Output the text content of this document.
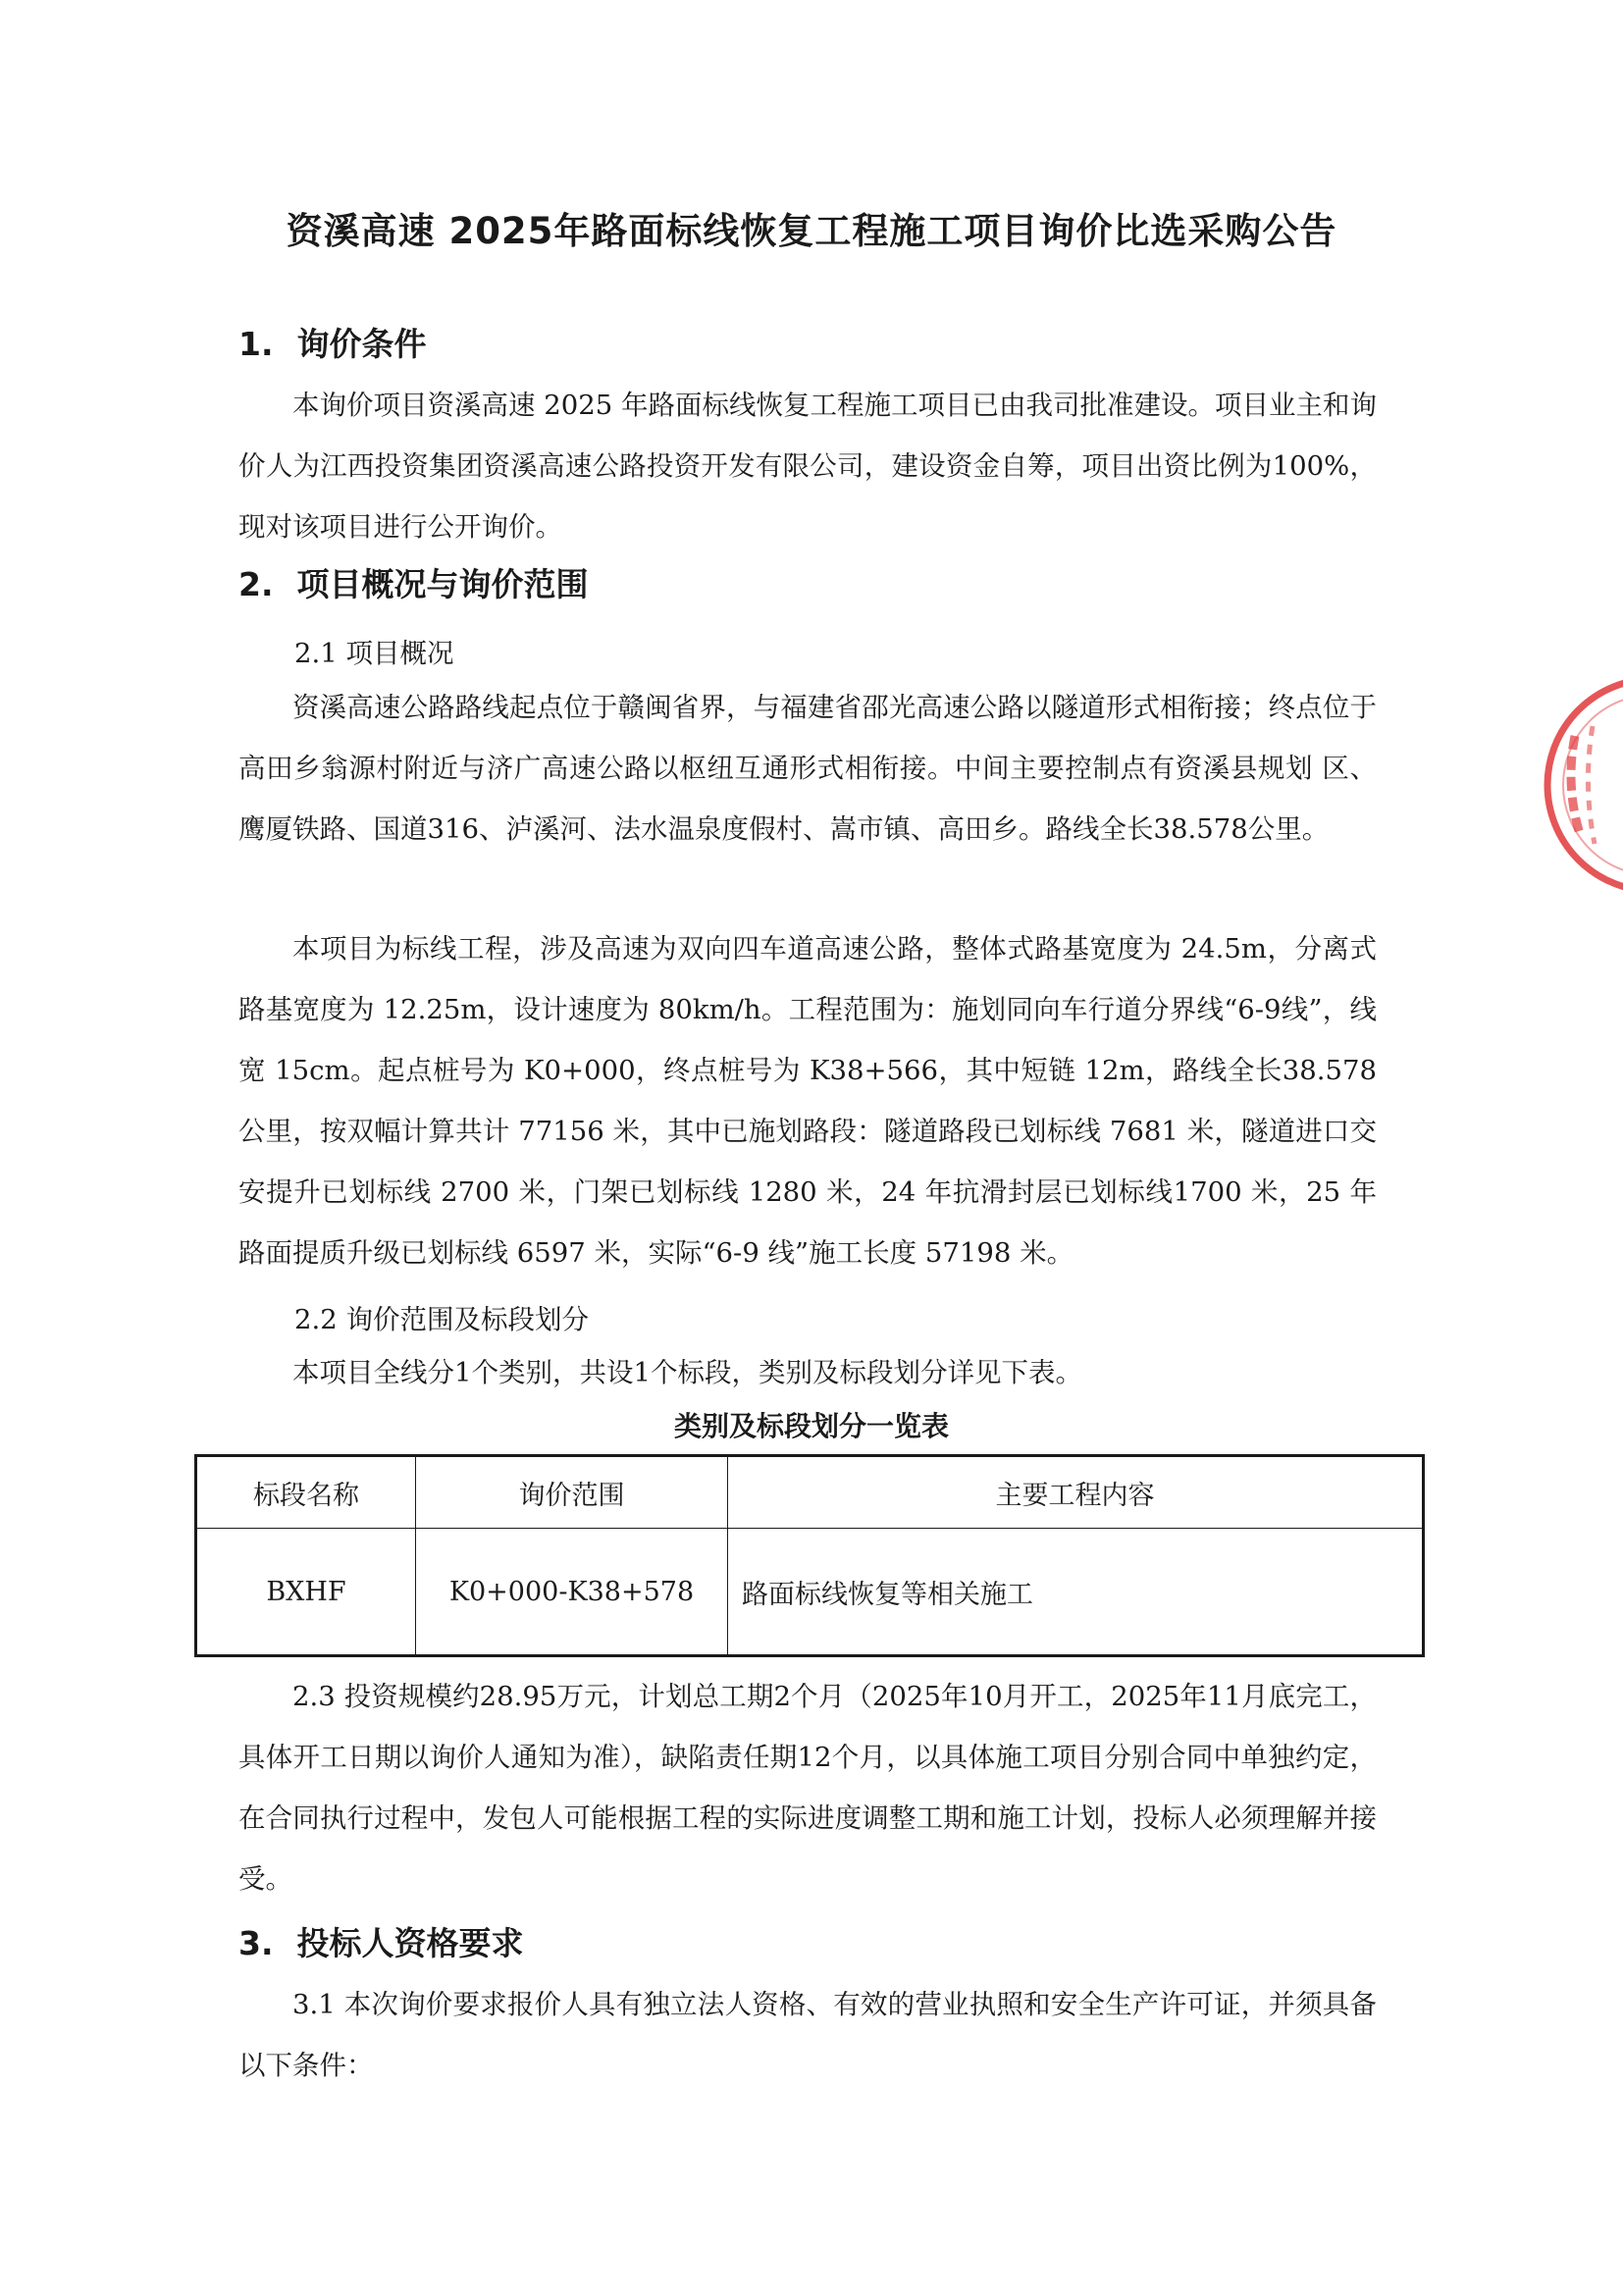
资溪高速 2025年路面标线恢复工程施工项目询价比选采购公告
1. 询价条件
本询价项目资溪高速 2025 年路面标线恢复工程施工项目已由我司批准建设。项目业主和询价人为江西投资集团资溪高速公路投资开发有限公司，建设资金自筹，项目出资比例为100%，现对该项目进行公开询价。
2. 项目概况与询价范围
2.1 项目概况
资溪高速公路路线起点位于赣闽省界，与福建省邵光高速公路以隧道形式相衔接；终点位于高田乡翁源村附近与济广高速公路以枢纽互通形式相衔接。中间主要控制点有资溪县规划 区、鹰厦铁路、国道316、泸溪河、法水温泉度假村、嵩市镇、高田乡。路线全长38.578公里。
本项目为标线工程，涉及高速为双向四车道高速公路，整体式路基宽度为 24.5m，分离式路基宽度为 12.25m，设计速度为 80km/h。工程范围为：施划同向车行道分界线“6-9线”，线宽 15cm。起点桩号为 K0+000，终点桩号为 K38+566，其中短链 12m，路线全长38.578 公里，按双幅计算共计 77156 米，其中已施划路段：隧道路段已划标线 7681 米，隧道进口交安提升已划标线 2700 米，门架已划标线 1280 米，24 年抗滑封层已划标线1700 米，25 年路面提质升级已划标线 6597 米，实际“6-9 线”施工长度 57198 米。
2.2 询价范围及标段划分
本项目全线分1个类别，共设1个标段，类别及标段划分详见下表。
类别及标段划分一览表
标段名称	询价范围	主要工程内容
BXHF	K0+000-K38+578	路面标线恢复等相关施工
2.3 投资规模约28.95万元，计划总工期2个月（2025年10月开工，2025年11月底完工，具体开工日期以询价人通知为准），缺陷责任期12个月，以具体施工项目分别合同中单独约定，在合同执行过程中，发包人可能根据工程的实际进度调整工期和施工计划，投标人必须理解并接受。
3. 投标人资格要求
3.1 本次询价要求报价人具有独立法人资格、有效的营业执照和安全生产许可证，并须具备以下条件：
